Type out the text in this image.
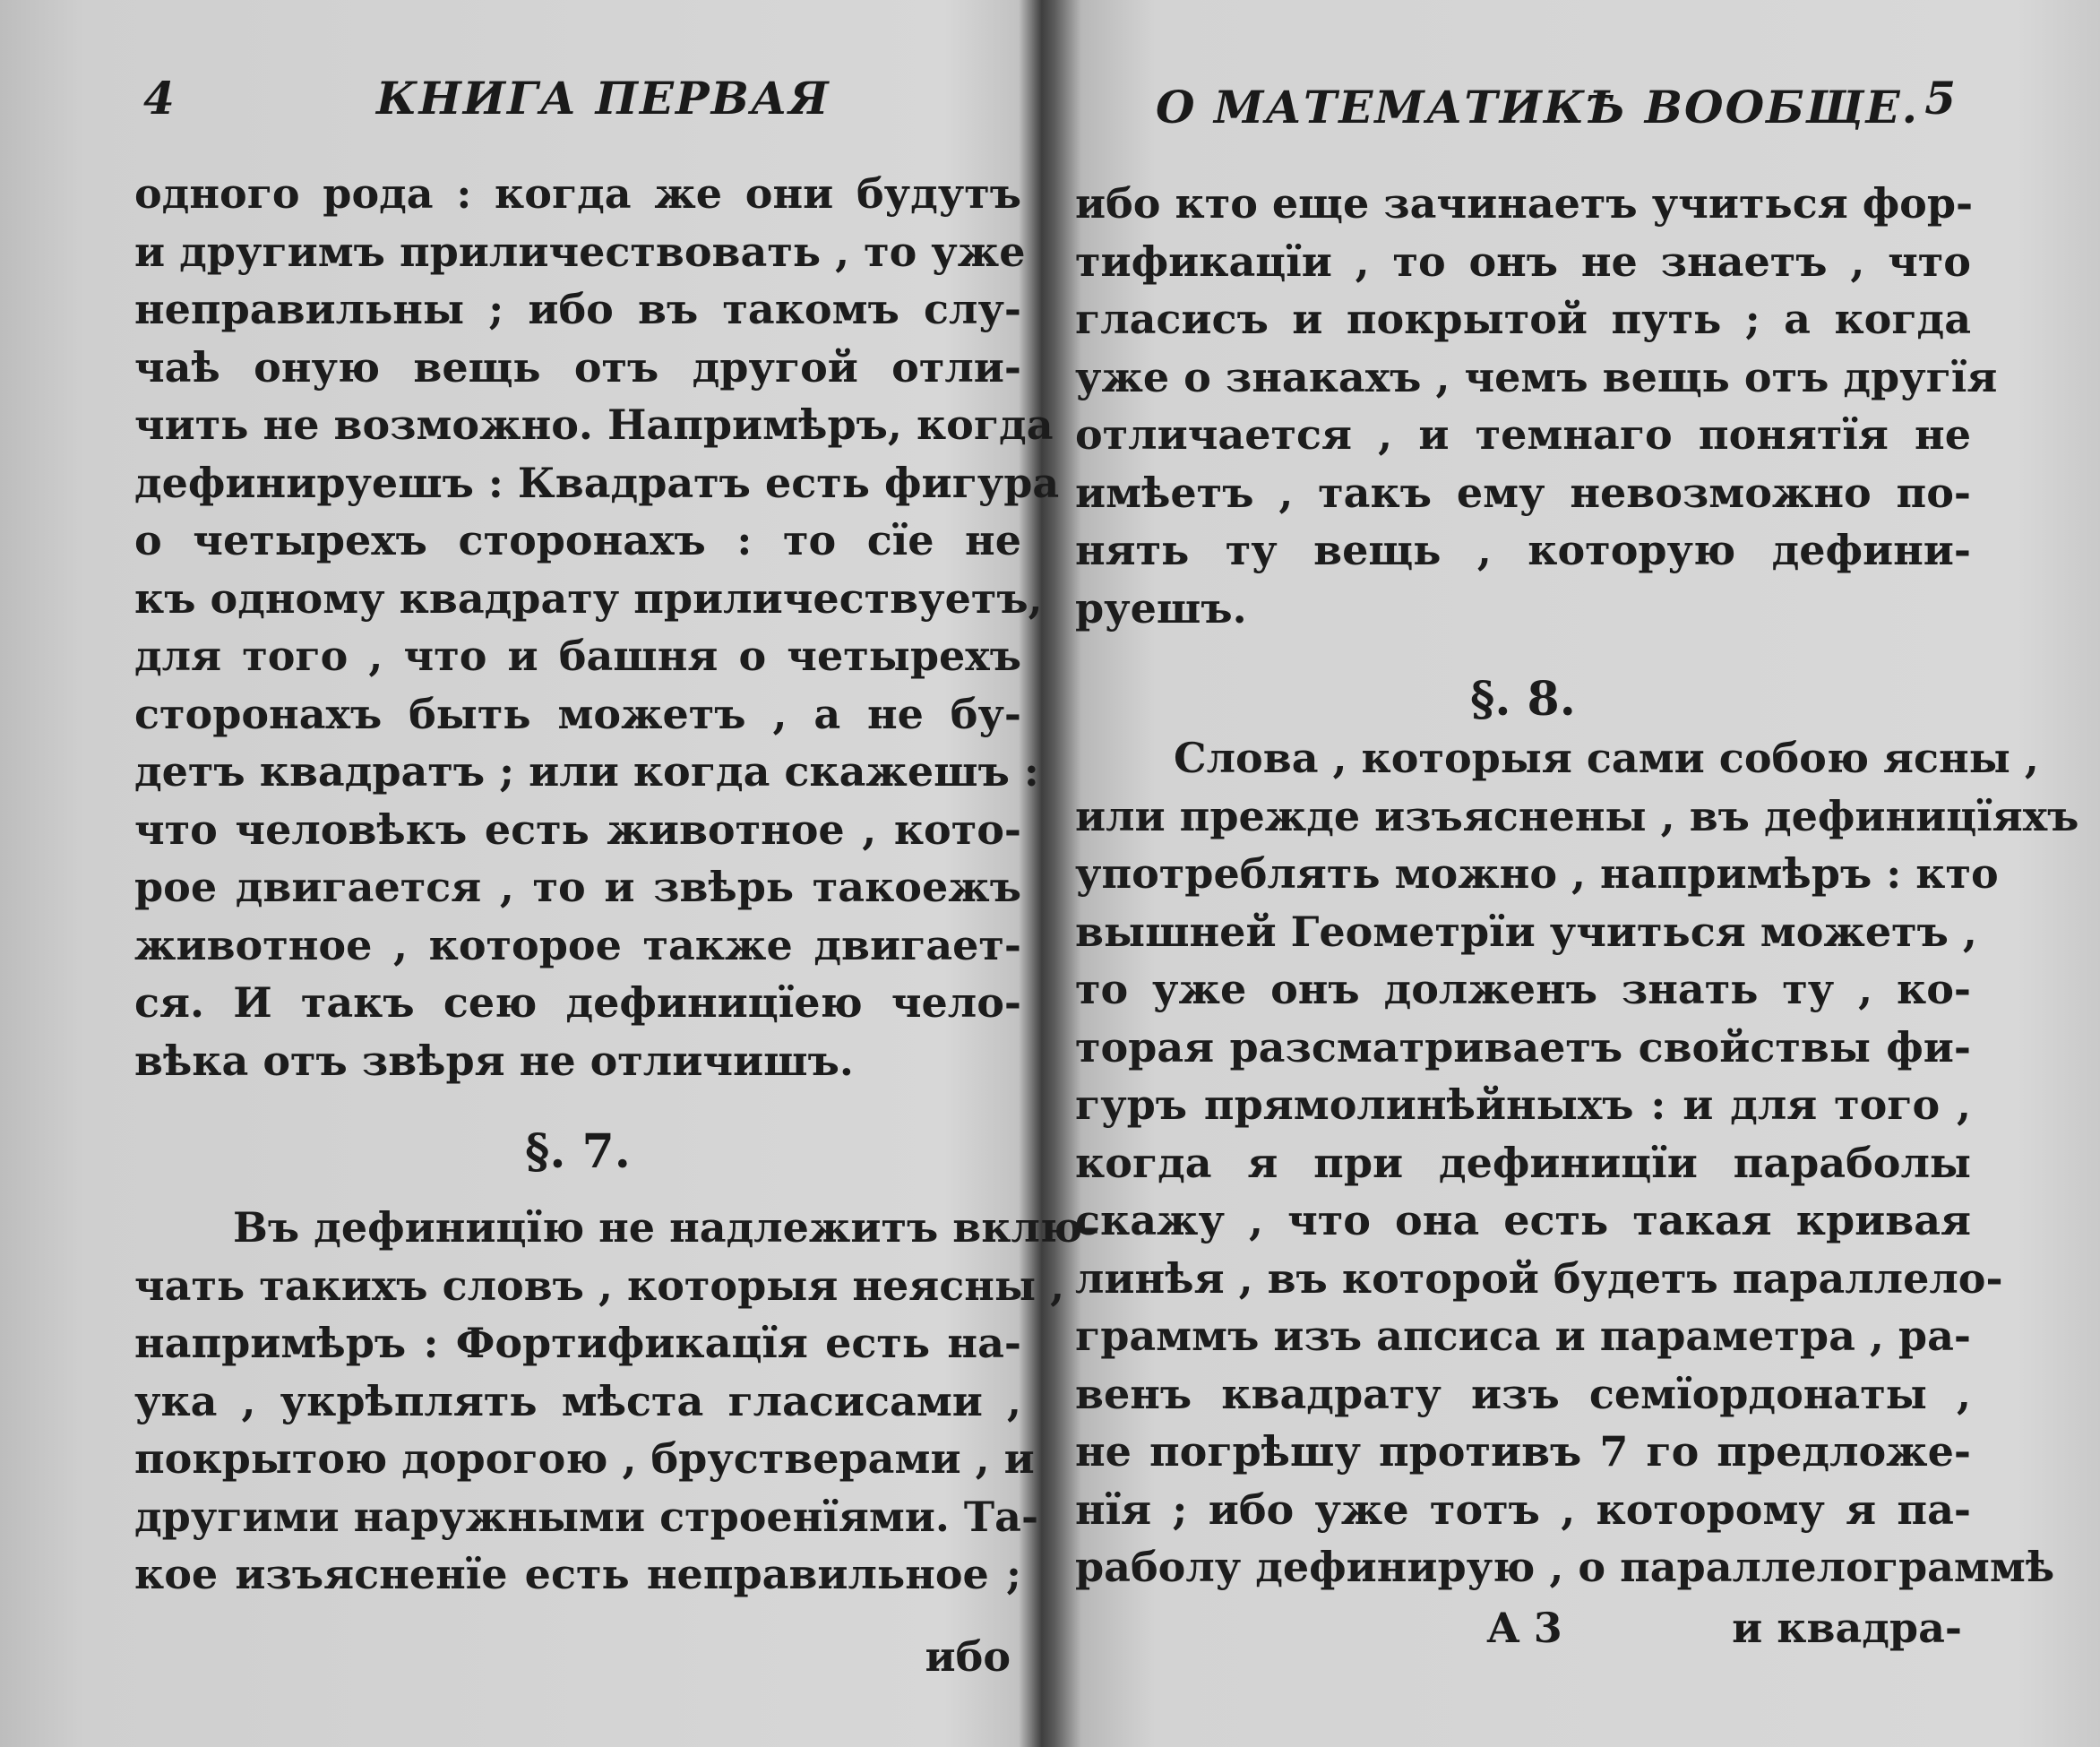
4	КНИГА ПЕРВАЯ
одного рода : когда же они будутъ
и другимъ приличествовать , то уже
неправильны ; ибо въ такомъ слу-
чаѣ оную вещь отъ другой отли-
чить не возможно. Напримѣръ, когда
дефинируешъ : Квадратъ есть фигура
о четырехъ сторонахъ : то сїе не
къ одному квадрату приличествуетъ,
для того , что и башня о четырехъ
сторонахъ быть можетъ , а не бу-
детъ квадратъ ; или когда скажешъ :
что человѣкъ есть животное , кото-
рое двигается , то и звѣрь такоежъ
животное , которое также двигает-
ся. И такъ сею дефиницїею чело-
вѣка отъ звѣря не отличишъ.
§. 7.
Въ дефиницїю не надлежитъ вклю-
чать такихъ словъ , которыя неясны ,
напримѣръ : Фортификацїя есть на-
ука , укрѣплять мѣста гласисами ,
покрытою дорогою , брустверами , и
другими наружными строенїями. Та-
кое изъясненїе есть неправильное ;
ибо
О МАТЕМАТИКѢ ВООБЩЕ. 5
ибо кто еще зачинаетъ учиться фор-
тификацїи , то онъ не знаетъ , что
гласисъ и покрытой путь ; а когда
уже о знакахъ , чемъ вещь отъ другїя
отличается , и темнаго понятїя не
имѣетъ , такъ ему невозможно по-
нять ту вещь , которую дефини-
руешъ.
§. 8.
Слова , которыя сами собою ясны ,
или прежде изъяснены , въ дефиницїяхъ
употреблять можно , напримѣръ : кто
вышней Геометрїи учиться можетъ ,
то уже онъ долженъ знать ту , ко-
торая разсматриваетъ свойствы фи-
гуръ прямолинѣйныхъ : и для того ,
когда я при дефиницїи параболы
скажу , что она есть такая кривая
линѣя , въ которой будетъ параллело-
граммъ изъ апсиса и параметра , ра-
венъ квадрату изъ семїордонаты ,
не погрѣшу противъ 7 го предложе-
нїя ; ибо уже тотъ , которому я па-
раболу дефинирую , о параллелограммѣ
A 3	и квадра-
